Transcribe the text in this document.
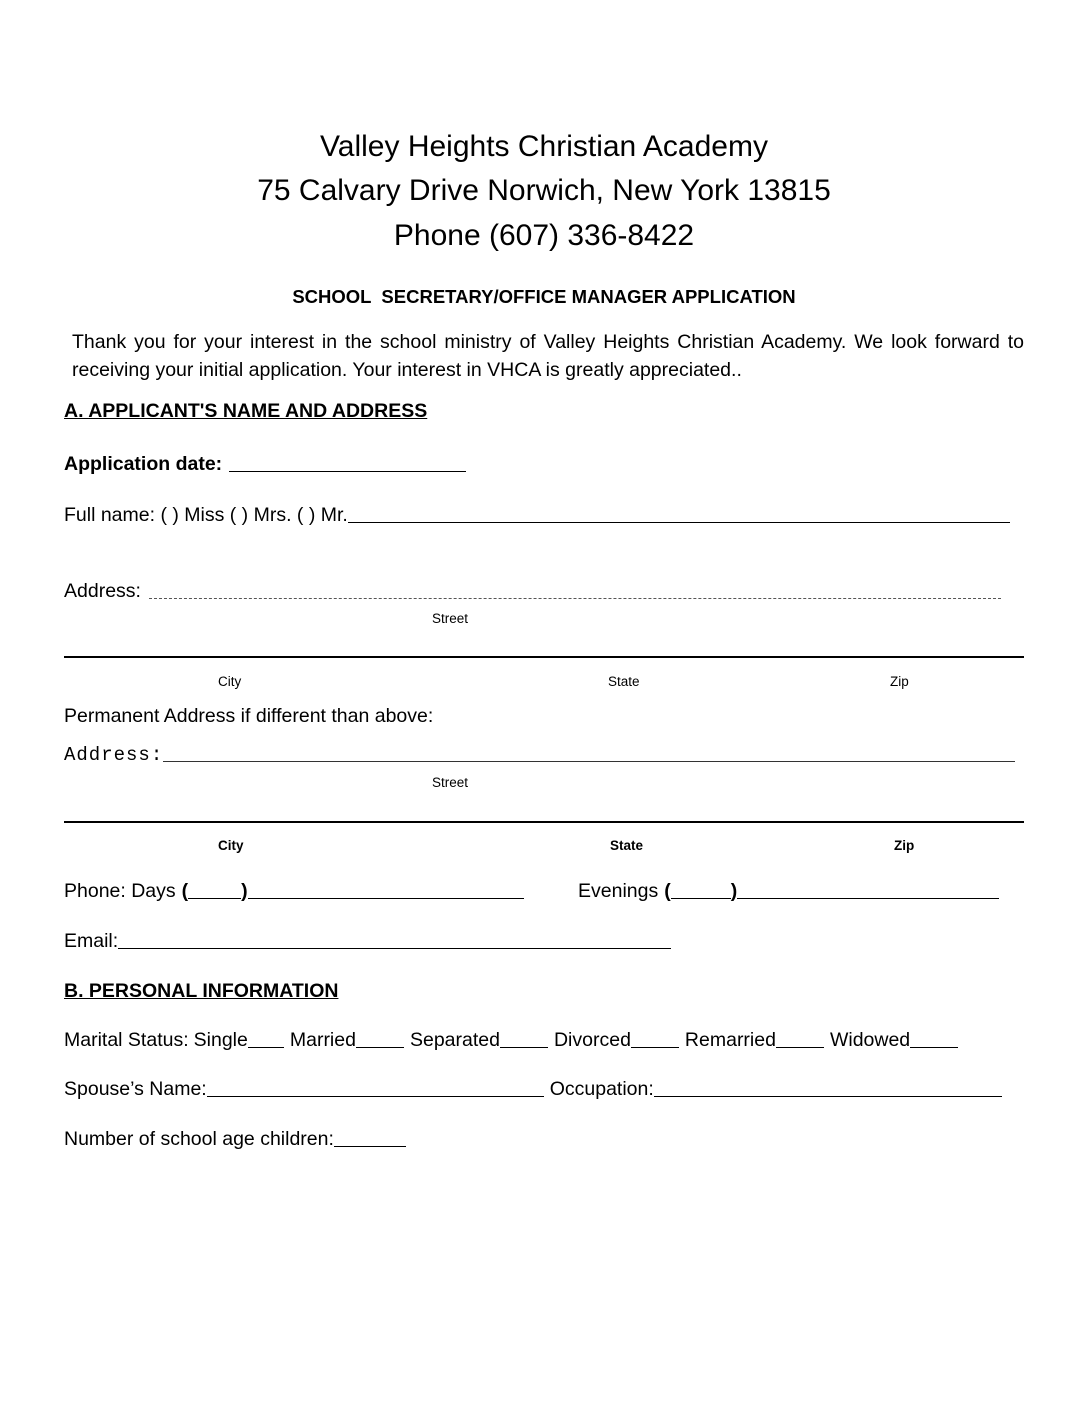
Valley Heights Christian Academy
75 Calvary Drive Norwich, New York 13815
Phone (607) 336-8422
SCHOOL  SECRETARY/OFFICE MANAGER APPLICATION
Thank you for your interest in the school ministry of Valley Heights Christian Academy. We look forward to receiving your initial application. Your interest in VHCA is greatly appreciated..
A. APPLICANT'S NAME AND ADDRESS
Application date:
Full name: ( ) Miss ( ) Mrs. ( ) Mr.
Address:
Street
City	State	Zip
Permanent Address if different than above:
Address:
Street
City	State	Zip
Phone: Days (	)	Evenings (	)
Email:
B. PERSONAL INFORMATION
Marital Status: Single Married	Separated	Divorced	Remarried	Widowed
Spouse’s Name:	Occupation:
Number of school age children:
